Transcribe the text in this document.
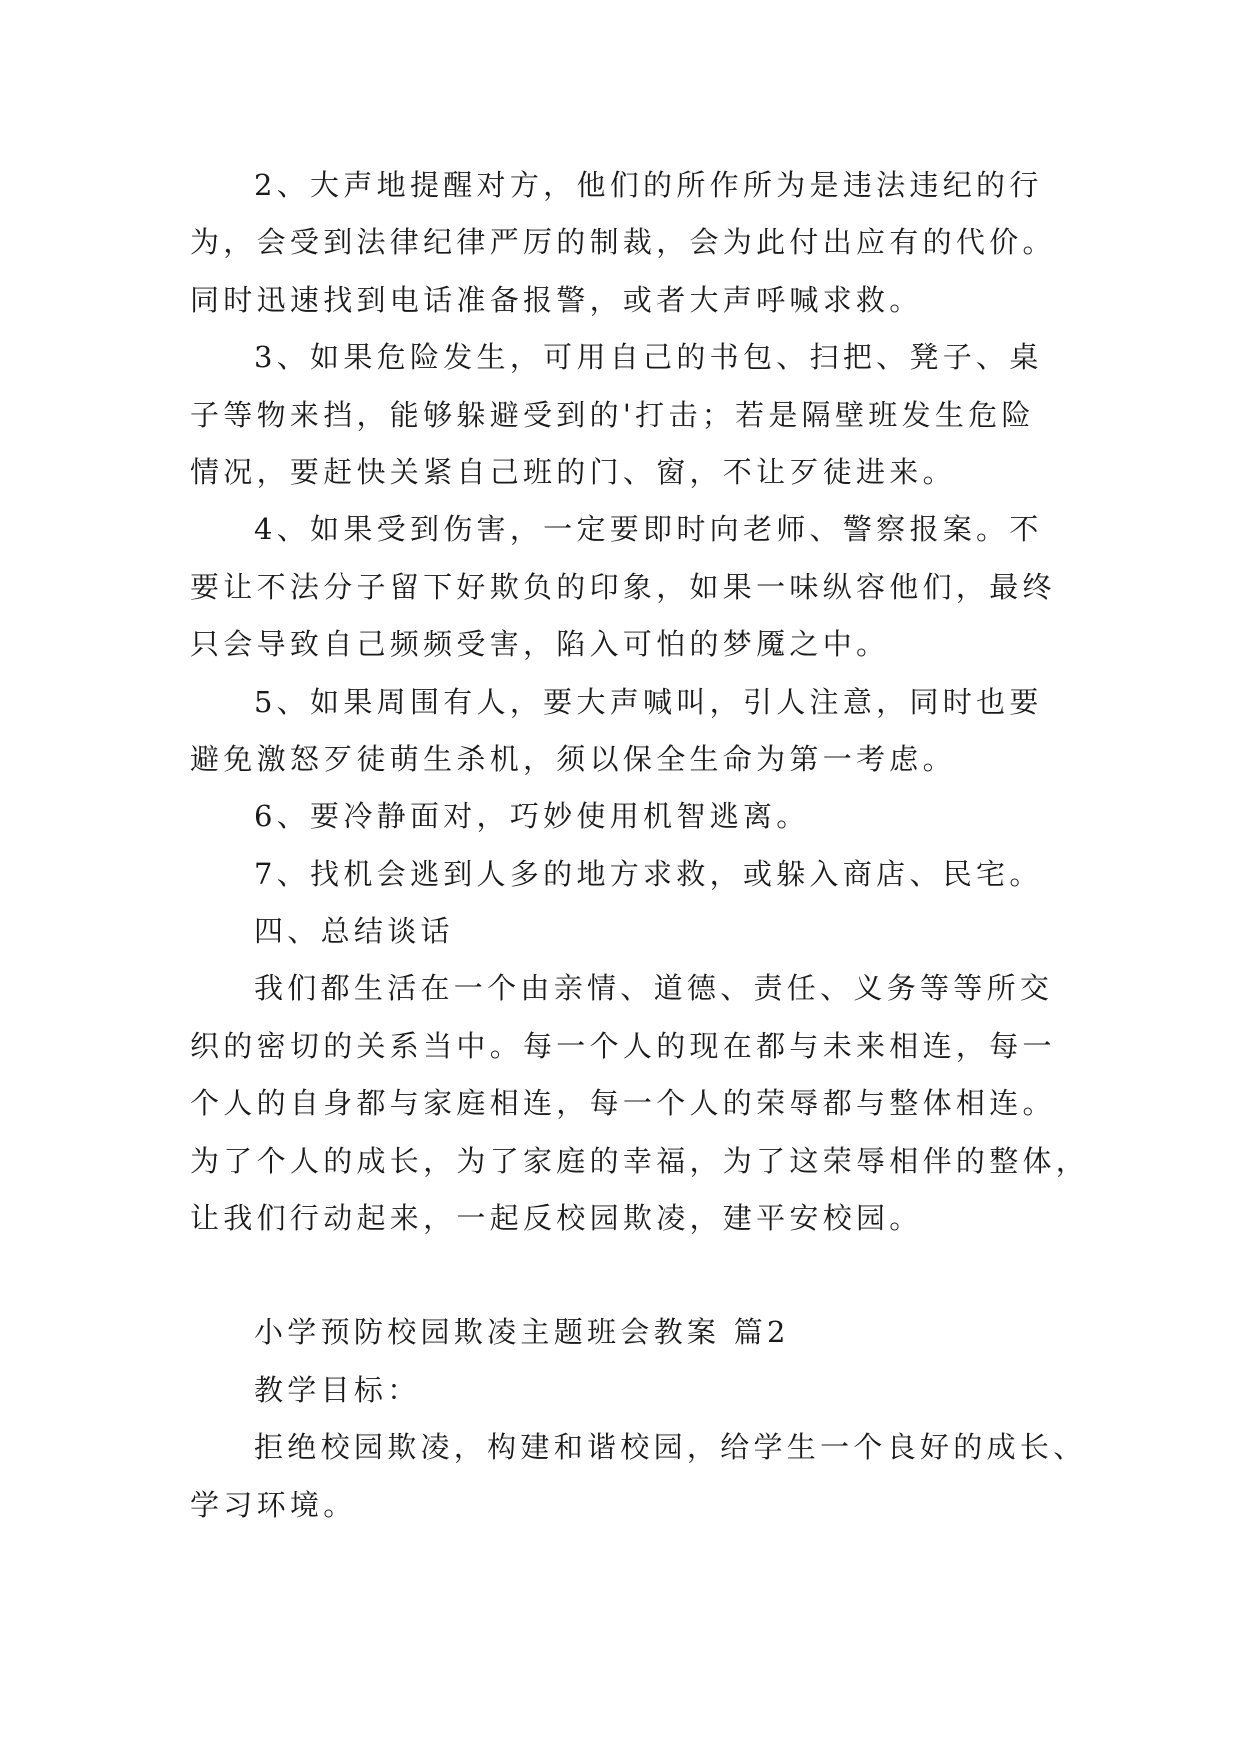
2、大声地提醒对方，他们的所作所为是违法违纪的行
为，会受到法律纪律严厉的制裁，会为此付出应有的代价。
同时迅速找到电话准备报警，或者大声呼喊求救。
3、如果危险发生，可用自己的书包、扫把、凳子、桌
子等物来挡，能够躲避受到的'打击；若是隔壁班发生危险
情况，要赶快关紧自己班的门、窗，不让歹徒进来。
4、如果受到伤害，一定要即时向老师、警察报案。不
要让不法分子留下好欺负的印象，如果一味纵容他们，最终
只会导致自己频频受害，陷入可怕的梦魇之中。
5、如果周围有人，要大声喊叫，引人注意，同时也要
避免激怒歹徒萌生杀机，须以保全生命为第一考虑。
6、要冷静面对，巧妙使用机智逃离。
7、找机会逃到人多的地方求救，或躲入商店、民宅。
四、总结谈话
我们都生活在一个由亲情、道德、责任、义务等等所交
织的密切的关系当中。每一个人的现在都与未来相连，每一
个人的自身都与家庭相连，每一个人的荣辱都与整体相连。
为了个人的成长，为了家庭的幸福，为了这荣辱相伴的整体，
让我们行动起来，一起反校园欺凌，建平安校园。
小学预防校园欺凌主题班会教案 篇2
教学目标：
拒绝校园欺凌，构建和谐校园，给学生一个良好的成长、
学习环境。
